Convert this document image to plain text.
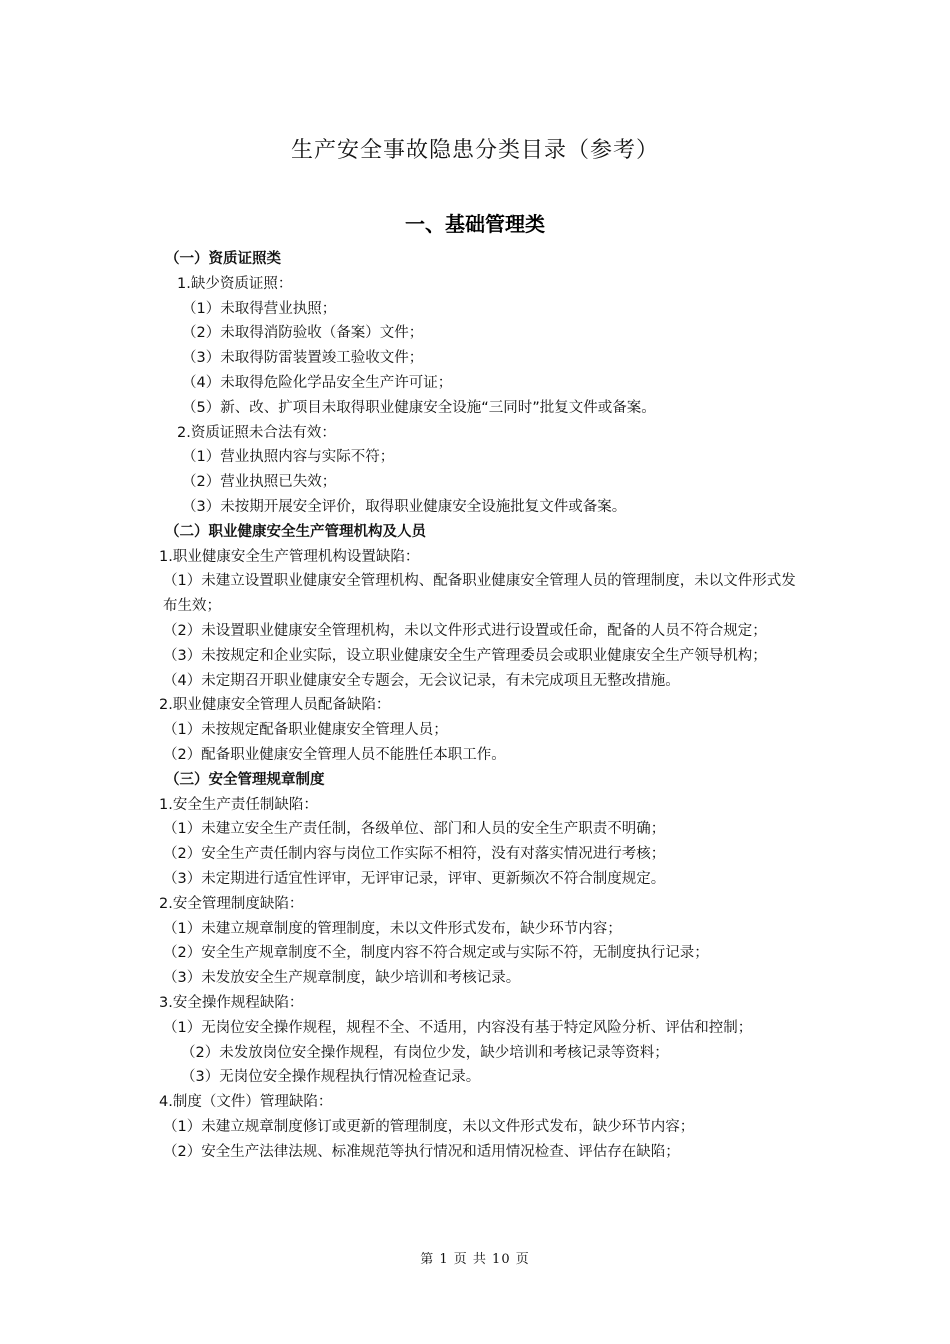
生产安全事故隐患分类目录（参考）
一、基础管理类

（一）资质证照类

1.缺少资质证照：

（1）未取得营业执照；

（2）未取得消防验收（备案）文件；

（3）未取得防雷装置竣工验收文件；

（4）未取得危险化学品安全生产许可证；

（5）新、改、扩项目未取得职业健康安全设施“三同时”批复文件或备案。

2.资质证照未合法有效：

（1）营业执照内容与实际不符；

（2）营业执照已失效；

（3）未按期开展安全评价，取得职业健康安全设施批复文件或备案。

（二）职业健康安全生产管理机构及人员

1.职业健康安全生产管理机构设置缺陷：

（1）未建立设置职业健康安全管理机构、配备职业健康安全管理人员的管理制度，未以文件形式发布生效；

（2）未设置职业健康安全管理机构，未以文件形式进行设置或任命，配备的人员不符合规定；

（3）未按规定和企业实际，设立职业健康安全生产管理委员会或职业健康安全生产领导机构；

（4）未定期召开职业健康安全专题会，无会议记录，有未完成项且无整改措施。

2.职业健康安全管理人员配备缺陷：

（1）未按规定配备职业健康安全管理人员；

（2）配备职业健康安全管理人员不能胜任本职工作。

（三）安全管理规章制度

1.安全生产责任制缺陷：

（1）未建立安全生产责任制，各级单位、部门和人员的安全生产职责不明确；

（2）安全生产责任制内容与岗位工作实际不相符，没有对落实情况进行考核；

（3）未定期进行适宜性评审，无评审记录，评审、更新频次不符合制度规定。

2.安全管理制度缺陷：

（1）未建立规章制度的管理制度，未以文件形式发布，缺少环节内容；

（2）安全生产规章制度不全，制度内容不符合规定或与实际不符，无制度执行记录；

（3）未发放安全生产规章制度，缺少培训和考核记录。

3.安全操作规程缺陷：

（1）无岗位安全操作规程，规程不全、不适用，内容没有基于特定风险分析、评估和控制；

（2）未发放岗位安全操作规程，有岗位少发，缺少培训和考核记录等资料；

（3）无岗位安全操作规程执行情况检查记录。

4.制度（文件）管理缺陷：

（1）未建立规章制度修订或更新的管理制度，未以文件形式发布，缺少环节内容；

（2）安全生产法律法规、标准规范等执行情况和适用情况检查、评估存在缺陷；

第 1 页 共 10 页
